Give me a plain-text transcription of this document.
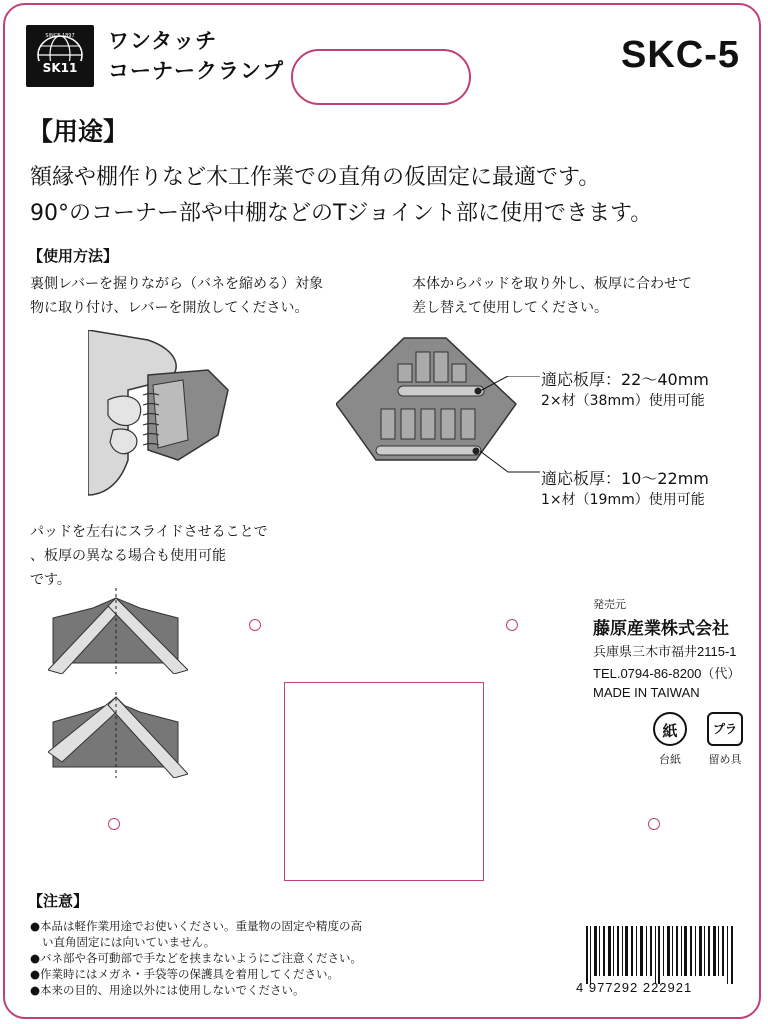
SK11
SINCE 1897 ワンタッチ
コーナークランプ	SKC-5
【用途】
額縁や棚作りなど木工作業での直角の仮固定に最適です。
90°のコーナー部や中棚などのTジョイント部に使用できます。
【使用方法】
裏側レバーを握りながら（バネを縮める）対象
物に取り付け、レバーを開放してください。
本体からパッドを取り外し、板厚に合わせて
差し替えて使用してください。
適応板厚：22～40mm
2×材（38mm）使用可能
適応板厚：10～22mm
1×材（19mm）使用可能
パッドを左右にスライドさせることで
、板厚の異なる場合も使用可能
です。
発売元
藤原産業株式会社
兵庫県三木市福井2115-1
TEL.0794-86-8200（代）
MADE IN TAIWAN
紙
台紙
プラ
留め具
【注意】
●本品は軽作業用途でお使いください。重量物の固定や精度の高
い直角固定には向いていません。
●バネ部や各可動部で手などを挟まないようにご注意ください。
●作業時にはメガネ・手袋等の保護具を着用してください。
●本来の目的、用途以外には使用しないでください。	4 977292 222921
